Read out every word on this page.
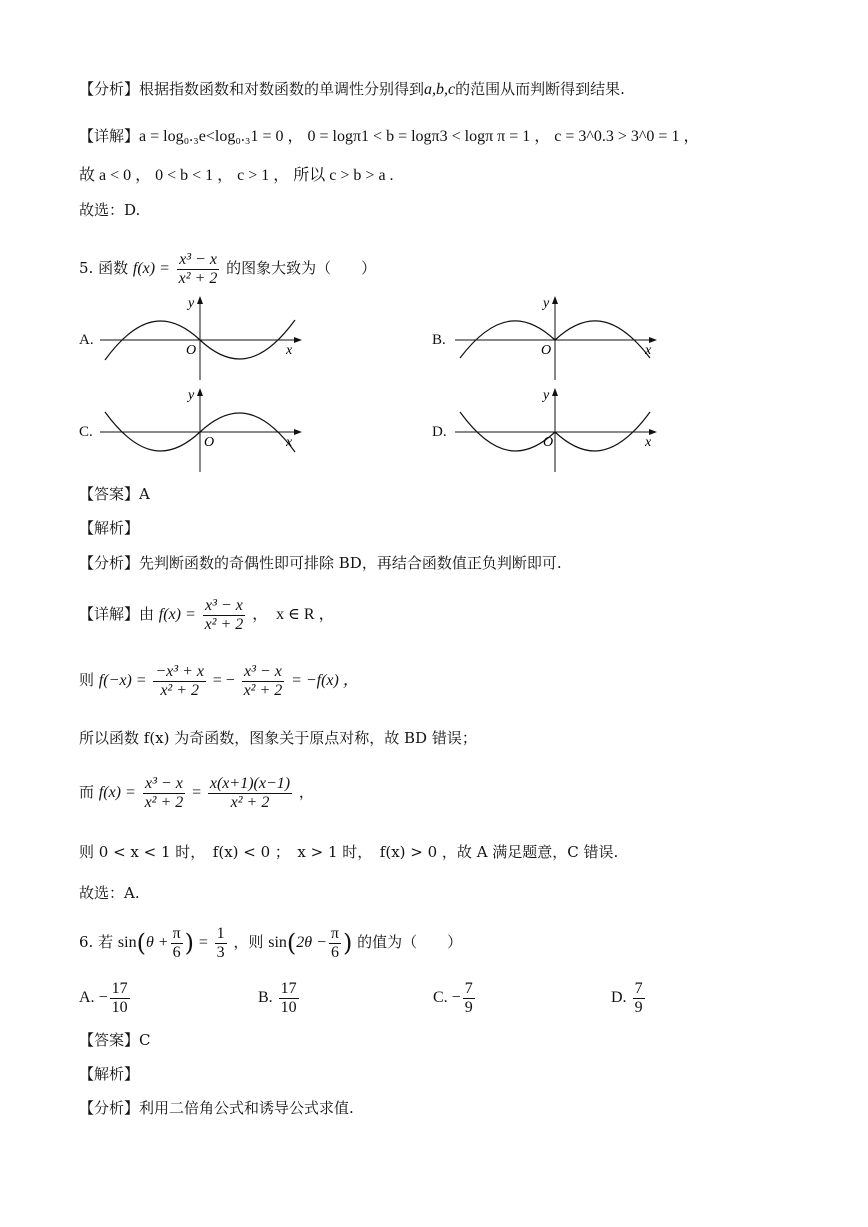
【分析】根据指数函数和对数函数的单调性分别得到a,b,c的范围从而判断得到结果.
【详解】a = log₀.₃e<log₀.₃1 = 0 ， 0 = logπ1 < b = logπ3 < logπ π = 1 ， c = 3^0.3 > 3^0 = 1 ，
故 a < 0 ， 0 < b < 1 ， c > 1 ， 所以 c > b > a .
故选：D.
5. 函数 $f(x) = \frac{\text{x³ − x}}{\text{x² + 2}}$ 的图象大致为（　　）
A.
y
x
O
B.
y
x
O
C.
y
x
O
D.
y
x
O
【答案】A
【解析】
【分析】先判断函数的奇偶性即可排除 BD，再结合函数值正负判断即可.
【详解】由 $f(x) = \frac{\text{x³ − x}}{\text{x² + 2}}$ ，　x ∈ R ，
则 $f(-x) = \frac{\text{−x³ + x}}{\text{x² + 2}}$ = − $\frac{\text{x³ − x}}{\text{x² + 2}} = -f(x)$ ，
所以函数 f(x) 为奇函数，图象关于原点对称，故 BD 错误；
而 $f(x) = \frac{\text{x³ − x}}{\text{x² + 2}} = \frac{x(x+1)(x-1)}{\text{x² + 2}}$ ，
则 0 < x < 1 时，　f(x) < 0 ；　x > 1 时，　f(x) > 0 ，故 A 满足题意，C 错误.
故选：A.
6. 若 $\sin(\theta + \frac{\pi}{6}$ ) = $\frac{1}{3}$ ，则 $\sin(2\theta - \frac{\pi}{6}$ ) 的值为（　　）
A. − $\frac{17}{10}$	B. $\frac{17}{10}$	C. − $\frac{7}{9}$	D. $\frac{7}{9}$
【答案】C
【解析】
【分析】利用二倍角公式和诱导公式求值.
